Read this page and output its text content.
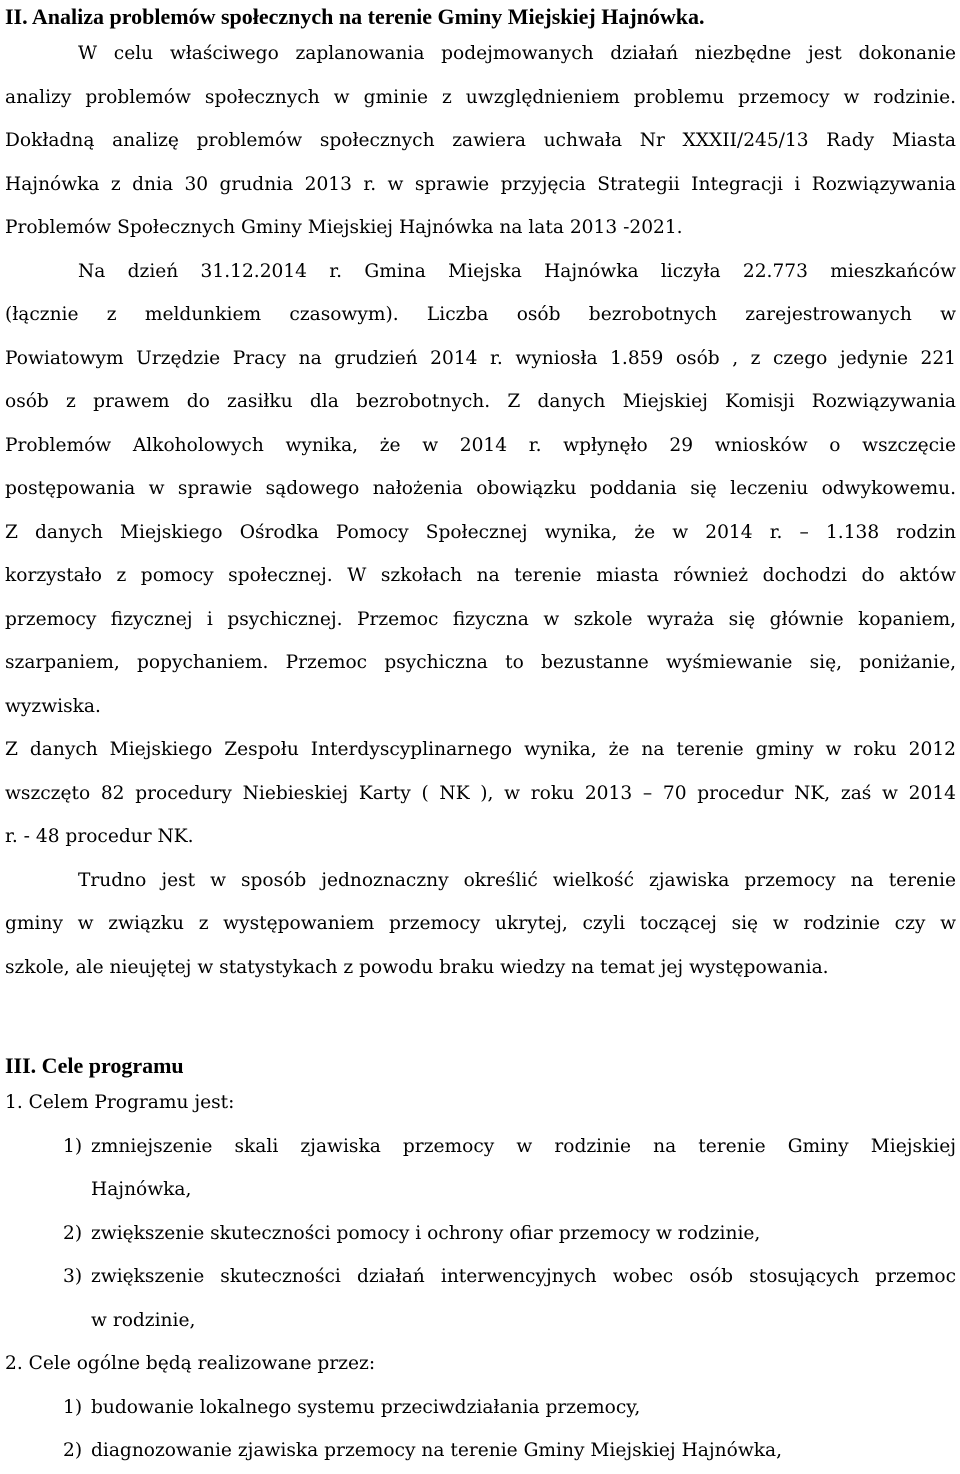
II. Analiza problemów społecznych na terenie Gminy Miejskiej Hajnówka.
W celu właściwego zaplanowania podejmowanych działań niezbędne jest dokonanie
analizy problemów społecznych w gminie z uwzględnieniem problemu przemocy w rodzinie.
Dokładną analizę problemów społecznych zawiera uchwała Nr XXXII/245/13 Rady Miasta
Hajnówka z dnia 30 grudnia 2013 r. w sprawie przyjęcia Strategii Integracji i Rozwiązywania
Problemów Społecznych Gminy Miejskiej Hajnówka na lata 2013 -2021.
Na dzień 31.12.2014 r. Gmina Miejska Hajnówka liczyła 22.773 mieszkańców
(łącznie z meldunkiem czasowym). Liczba osób bezrobotnych zarejestrowanych w
Powiatowym Urzędzie Pracy na grudzień 2014 r. wyniosła 1.859 osób , z czego jedynie 221
osób z prawem do zasiłku dla bezrobotnych. Z danych Miejskiej Komisji Rozwiązywania
Problemów Alkoholowych wynika, że w 2014 r. wpłynęło 29 wniosków o wszczęcie
postępowania w sprawie sądowego nałożenia obowiązku poddania się leczeniu odwykowemu.
Z danych Miejskiego Ośrodka Pomocy Społecznej wynika, że w 2014 r. – 1.138 rodzin
korzystało z pomocy społecznej. W szkołach na terenie miasta również dochodzi do aktów
przemocy fizycznej i psychicznej. Przemoc fizyczna w szkole wyraża się głównie kopaniem,
szarpaniem, popychaniem. Przemoc psychiczna to bezustanne wyśmiewanie się, poniżanie,
wyzwiska.
Z danych Miejskiego Zespołu Interdyscyplinarnego wynika, że na terenie gminy w roku 2012
wszczęto 82 procedury Niebieskiej Karty ( NK ), w roku 2013 – 70 procedur NK, zaś w 2014
r. - 48 procedur NK.
Trudno jest w sposób jednoznaczny określić wielkość zjawiska przemocy na terenie
gminy w związku z występowaniem przemocy ukrytej, czyli toczącej się w rodzinie czy w
szkole, ale nieujętej w statystykach z powodu braku wiedzy na temat jej występowania.
III. Cele programu
1. Celem Programu jest:
1) zmniejszenie skali zjawiska przemocy w rodzinie na terenie Gminy Miejskiej
Hajnówka,
2) zwiększenie skuteczności pomocy i ochrony ofiar przemocy w rodzinie,
3) zwiększenie skuteczności działań interwencyjnych wobec osób stosujących przemoc
w rodzinie,
2. Cele ogólne będą realizowane przez:
1) budowanie lokalnego systemu przeciwdziałania przemocy,
2) diagnozowanie zjawiska przemocy na terenie Gminy Miejskiej Hajnówka,
